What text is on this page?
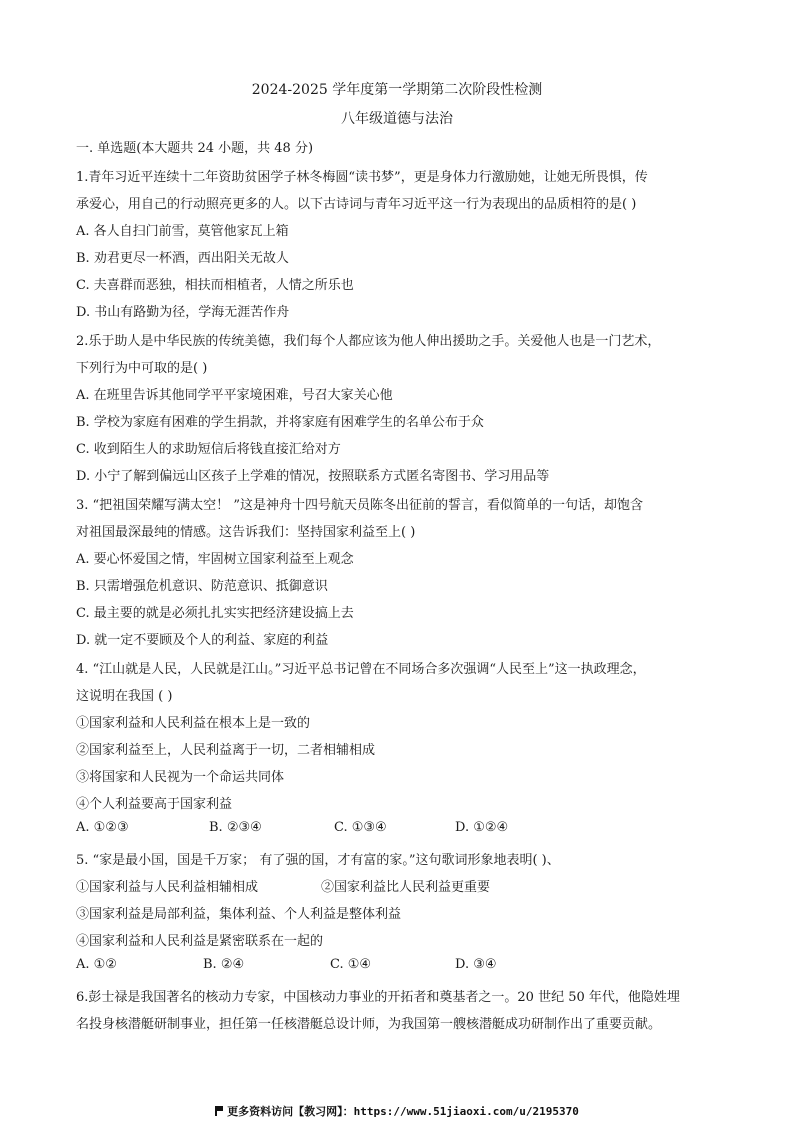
2024-2025 学年度第一学期第二次阶段性检测
八年级道德与法治
一. 单选题(本大题共 24 小题，共 48 分)
1.青年习近平连续十二年资助贫困学子林冬梅圆“读书梦”，更是身体力行激励她，让她无所畏惧，传
承爱心，用自己的行动照亮更多的人。以下古诗词与青年习近平这一行为表现出的品质相符的是( )
A. 各人自扫门前雪，莫管他家瓦上箱
B. 劝君更尽一杯酒，西出阳关无故人
C. 夫喜群而恶独，相扶而相植者，人情之所乐也
D. 书山有路勤为径，学海无涯苦作舟
2.乐于助人是中华民族的传统美德，我们每个人都应该为他人伸出援助之手。关爱他人也是一门艺术，
下列行为中可取的是( )
A. 在班里告诉其他同学平平家境困难，号召大家关心他
B. 学校为家庭有困难的学生捐款，并将家庭有困难学生的名单公布于众
C. 收到陌生人的求助短信后将钱直接汇给对方
D. 小宁了解到偏远山区孩子上学难的情况，按照联系方式匿名寄图书、学习用品等
3. “把祖国荣耀写满太空！ ”这是神舟十四号航天员陈冬出征前的誓言，看似简单的一句话，却饱含
对祖国最深最纯的情感。这告诉我们：坚持国家利益至上( )
A. 要心怀爱国之情，牢固树立国家利益至上观念
B. 只需增强危机意识、防范意识、抵御意识
C. 最主要的就是必须扎扎实实把经济建设搞上去
D. 就一定不要顾及个人的利益、家庭的利益
4. “江山就是人民，人民就是江山。”习近平总书记曾在不同场合多次强调“人民至上”这一执政理念，
这说明在我国 ( )
①国家利益和人民利益在根本上是一致的
②国家利益至上，人民利益离于一切，二者相辅相成
③将国家和人民视为一个命运共同体
④个人利益要高于国家利益
A. ①②③	B. ②③④	C. ①③④	D. ①②④
5. “家是最小国，国是千万家； 有了强的国，才有富的家。”这句歌词形象地表明( )、
①国家利益与人民利益相辅相成	②国家利益比人民利益更重要
③国家利益是局部利益，集体利益、个人利益是整体利益
④国家利益和人民利益是紧密联系在一起的
A. ①②	B. ②④	C. ①④	D. ③④
6.彭士禄是我国著名的核动力专家，中国核动力事业的开拓者和奠基者之一。20 世纪 50 年代，他隐姓埋
名投身核潜艇研制事业，担任第一任核潜艇总设计师，为我国第一艘核潜艇成功研制作出了重要贡献。
更多资料访问【教习网】：https://www.51jiaoxi.com/u/2195370
